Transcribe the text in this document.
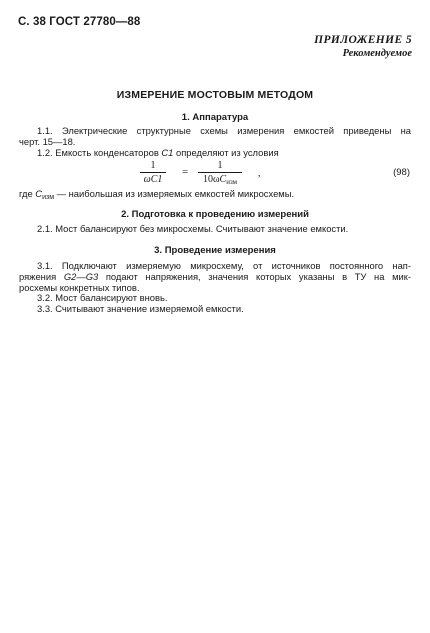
С. 38 ГОСТ 27780—88
ПРИЛОЖЕНИЕ 5
Рекомендуемое
ИЗМЕРЕНИЕ МОСТОВЫМ МЕТОДОМ
1. Аппаратура
1.1. Электрические структурные схемы измерения емкостей приведены на
черт. 15—18.
1.2. Емкость конденсаторов C1 определяют из условия
$\frac{1}{\omega C1}$ =
1
$10\omega C_{изм}$
,	(98)
где $C_{изм}$ — наибольшая из измеряемых емкостей микросхемы.
2. Подготовка к проведению измерений
2.1. Мост балансируют без микросхемы. Считывают значение емкости.
3. Проведение измерения
3.1. Подключают измеряемую микросхему, от источников постоянного нап-
ряжения G2—G3 подают напряжения, значения которых указаны в ТУ на мик-
росхемы конкретных типов.
3.2. Мост балансируют вновь.
3.3. Считывают значение измеряемой емкости.
